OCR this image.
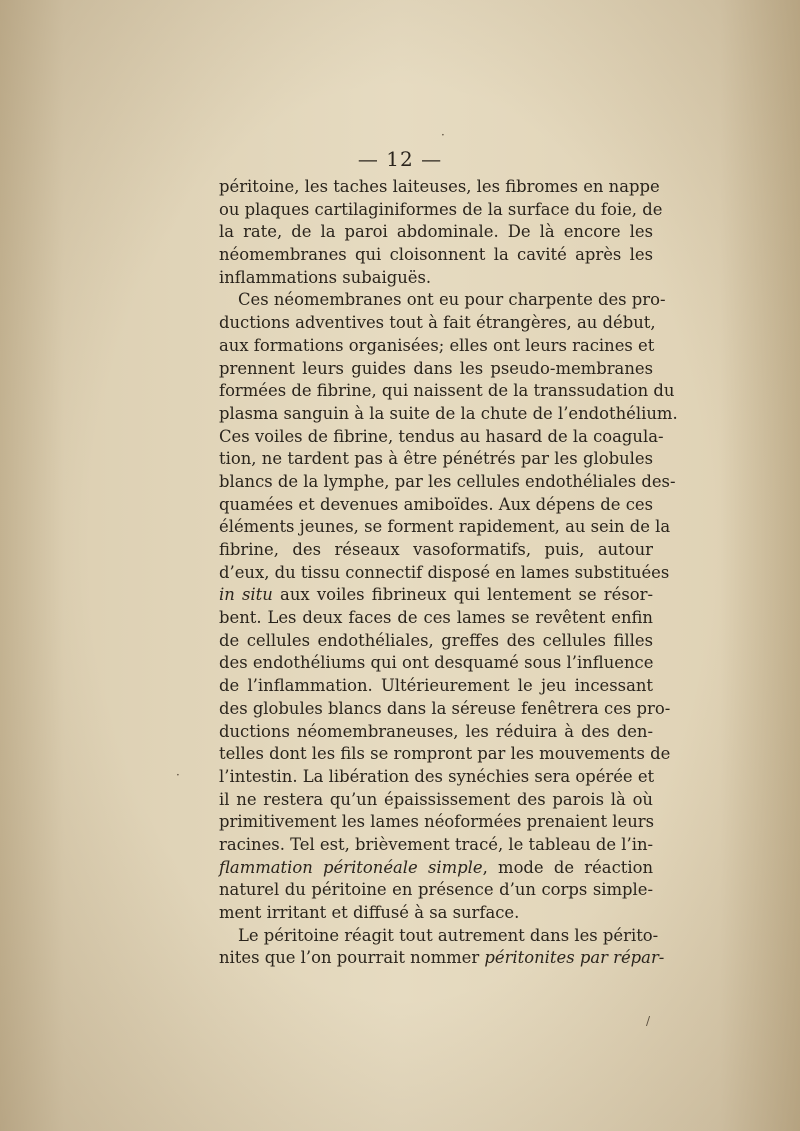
— 12 —
péritoine, les taches laiteuses, les fibromes en nappe
ou plaques cartilaginiformes de la surface du foie, de
la rate, de la paroi abdominale. De là encore les
néomembranes qui cloisonnent la cavité après les
inflammations subaiguës.
Ces néomembranes ont eu pour charpente des pro-
ductions adventives tout à fait étrangères, au début,
aux formations organisées; elles ont leurs racines et
prennent leurs guides dans les pseudo-membranes
formées de fibrine, qui naissent de la transsudation du
plasma sanguin à la suite de la chute de l’endothélium.
Ces voiles de fibrine, tendus au hasard de la coagula-
tion, ne tardent pas à être pénétrés par les globules
blancs de la lymphe, par les cellules endothéliales des-
quamées et devenues amiboïdes. Aux dépens de ces
éléments jeunes, se forment rapidement, au sein de la
fibrine, des réseaux vasoformatifs, puis, autour
d’eux, du tissu connectif disposé en lames substituées
in situ aux voiles fibrineux qui lentement se résor-
bent. Les deux faces de ces lames se revêtent enfin
de cellules endothéliales, greffes des cellules filles
des endothéliums qui ont desquamé sous l’influence
de l’inflammation. Ultérieurement le jeu incessant
des globules blancs dans la séreuse fenêtrera ces pro-
ductions néomembraneuses, les réduira à des den-
telles dont les fils se rompront par les mouvements de
l’intestin. La libération des synéchies sera opérée et
il ne restera qu’un épaississement des parois là où
primitivement les lames néoformées prenaient leurs
racines. Tel est, brièvement tracé, le tableau de l’in-
flammation péritonéale simple, mode de réaction
naturel du péritoine en présence d’un corps simple-
ment irritant et diffusé à sa surface.
Le péritoine réagit tout autrement dans les périto-
nites que l’on pourrait nommer péritonites par répar-
·
·
/
